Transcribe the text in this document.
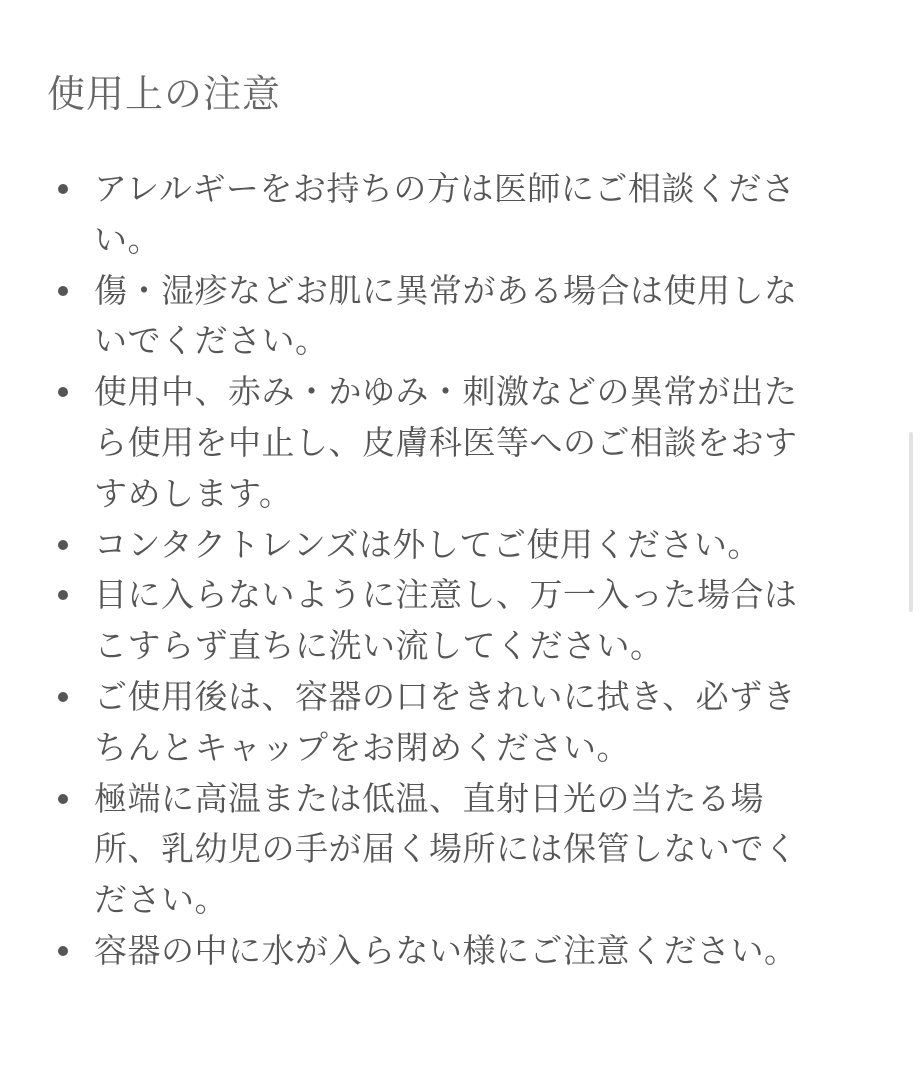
使用上の注意
アレルギーをお持ちの方は医師にご相談くださ
い。
傷・湿疹などお肌に異常がある場合は使用しな
いでください。
使用中、赤み・かゆみ・刺激などの異常が出た
ら使用を中止し、皮膚科医等へのご相談をおす
すめします。
コンタクトレンズは外してご使用ください。
目に入らないように注意し、万一入った場合は
こすらず直ちに洗い流してください。
ご使用後は、容器の口をきれいに拭き、必ずき
ちんとキャップをお閉めください。
極端に高温または低温、直射日光の当たる場
所、乳幼児の手が届く場所には保管しないでく
ださい。
容器の中に水が入らない様にご注意ください。
